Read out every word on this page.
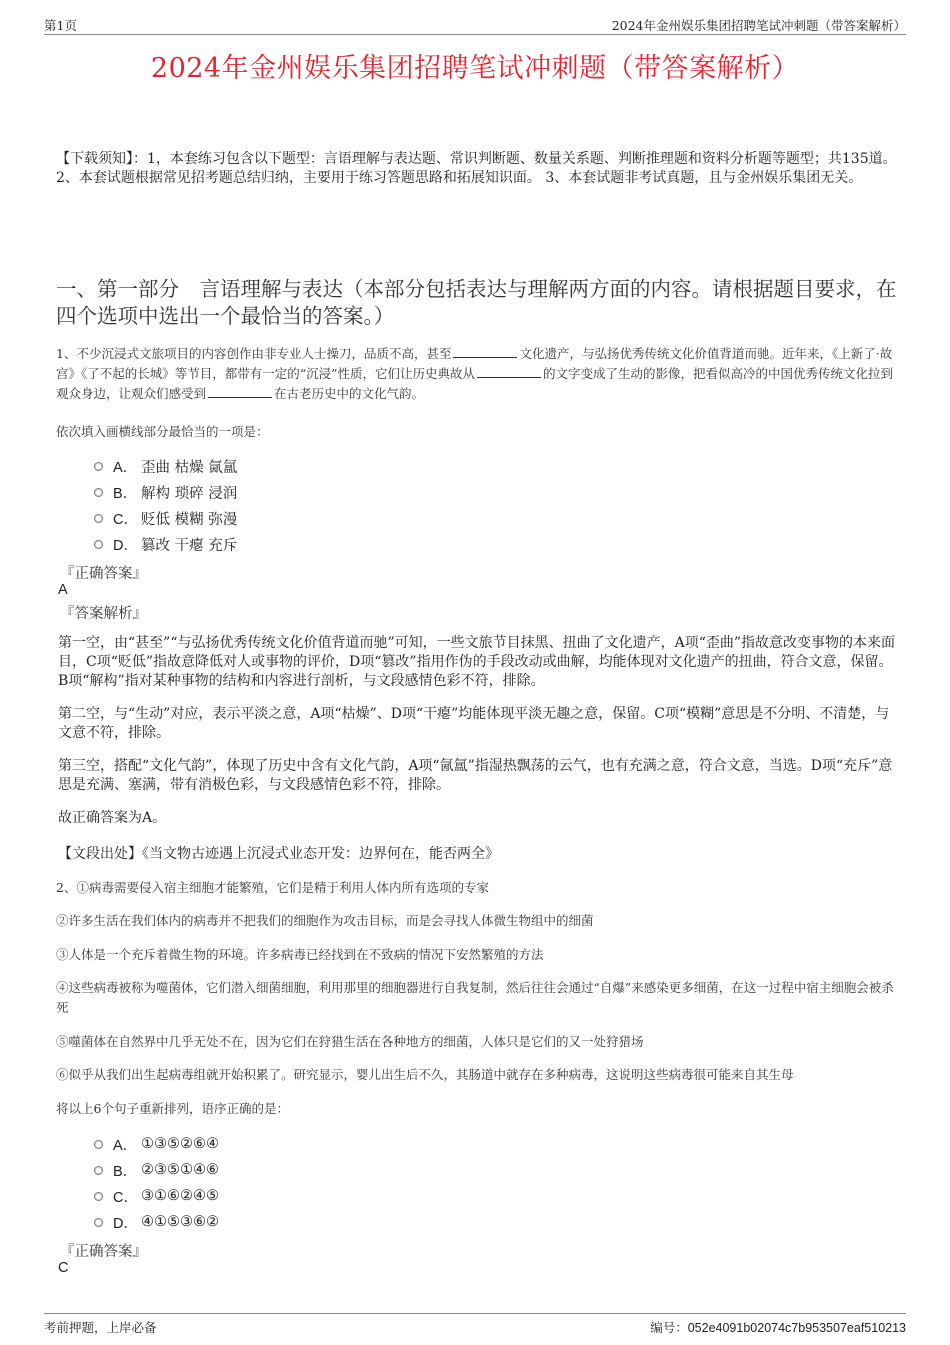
第1页	2024年金州娱乐集团招聘笔试冲刺题（带答案解析）
2024年金州娱乐集团招聘笔试冲刺题（带答案解析）
【下载须知】：1，本套练习包含以下题型：言语理解与表达题、常识判断题、数量关系题、判断推理题和资料分析题等题型；共135道。 2、本套试题根据常见招考题总结归纳，主要用于练习答题思路和拓展知识面。 3、本套试题非考试真题，且与金州娱乐集团无关。
一、第一部分　言语理解与表达（本部分包括表达与理解两方面的内容。请根据题目要求，在四个选项中选出一个最恰当的答案。）
1、不少沉浸式文旅项目的内容创作由非专业人士操刀，品质不高，甚至	文化遗产，与弘扬优秀传统文化价值背道而驰。近年来，《上新了·故宫》《了不起的长城》等节目，都带有一定的“沉浸”性质，它们让历史典故从	的文字变成了生动的影像，把看似高冷的中国优秀传统文化拉到观众身边，让观众们感受到	在古老历史中的文化气韵。
依次填入画横线部分最恰当的一项是：
A． 歪曲 枯燥 氤氲
B． 解构 琐碎 浸润
C． 贬低 模糊 弥漫
D． 篡改 干瘪 充斥
『正确答案』
A
『答案解析』
第一空，由“甚至”“与弘扬优秀传统文化价值背道而驰”可知，一些文旅节目抹黑、扭曲了文化遗产，A项“歪曲”指故意改变事物的本来面目，C项“贬低”指故意降低对人或事物的评价，D项“篡改”指用作伪的手段改动或曲解，均能体现对文化遗产的扭曲，符合文意，保留。B项“解构”指对某种事物的结构和内容进行剖析，与文段感情色彩不符，排除。
第二空，与“生动”对应，表示平淡之意，A项“枯燥”、D项“干瘪”均能体现平淡无趣之意，保留。C项“模糊”意思是不分明、不清楚，与文意不符，排除。
第三空，搭配“文化气韵”，体现了历史中含有文化气韵，A项“氤氲”指湿热飘荡的云气，也有充满之意，符合文意，当选。D项“充斥”意思是充满、塞满，带有消极色彩，与文段感情色彩不符，排除。
故正确答案为A。
【文段出处】《当文物古迹遇上沉浸式业态开发：边界何在，能否两全》
2、①病毒需要侵入宿主细胞才能繁殖，它们是精于利用人体内所有选项的专家
②许多生活在我们体内的病毒并不把我们的细胞作为攻击目标，而是会寻找人体微生物组中的细菌
③人体是一个充斥着微生物的环境。许多病毒已经找到在不致病的情况下安然繁殖的方法
④这些病毒被称为噬菌体，它们潜入细菌细胞，利用那里的细胞器进行自我复制，然后往往会通过“自爆”来感染更多细菌，在这一过程中宿主细胞会被杀死
⑤噬菌体在自然界中几乎无处不在，因为它们在狩猎生活在各种地方的细菌，人体只是它们的又一处狩猎场
⑥似乎从我们出生起病毒组就开始积累了。研究显示，婴儿出生后不久，其肠道中就存在多种病毒，这说明这些病毒很可能来自其生母
将以上6个句子重新排列，语序正确的是：
A． ①③⑤②⑥④
B． ②③⑤①④⑥
C． ③①⑥②④⑤
D． ④①⑤③⑥②
『正确答案』
C
考前押题，上岸必备	编号：052e4091b02074c7b953507eaf510213
